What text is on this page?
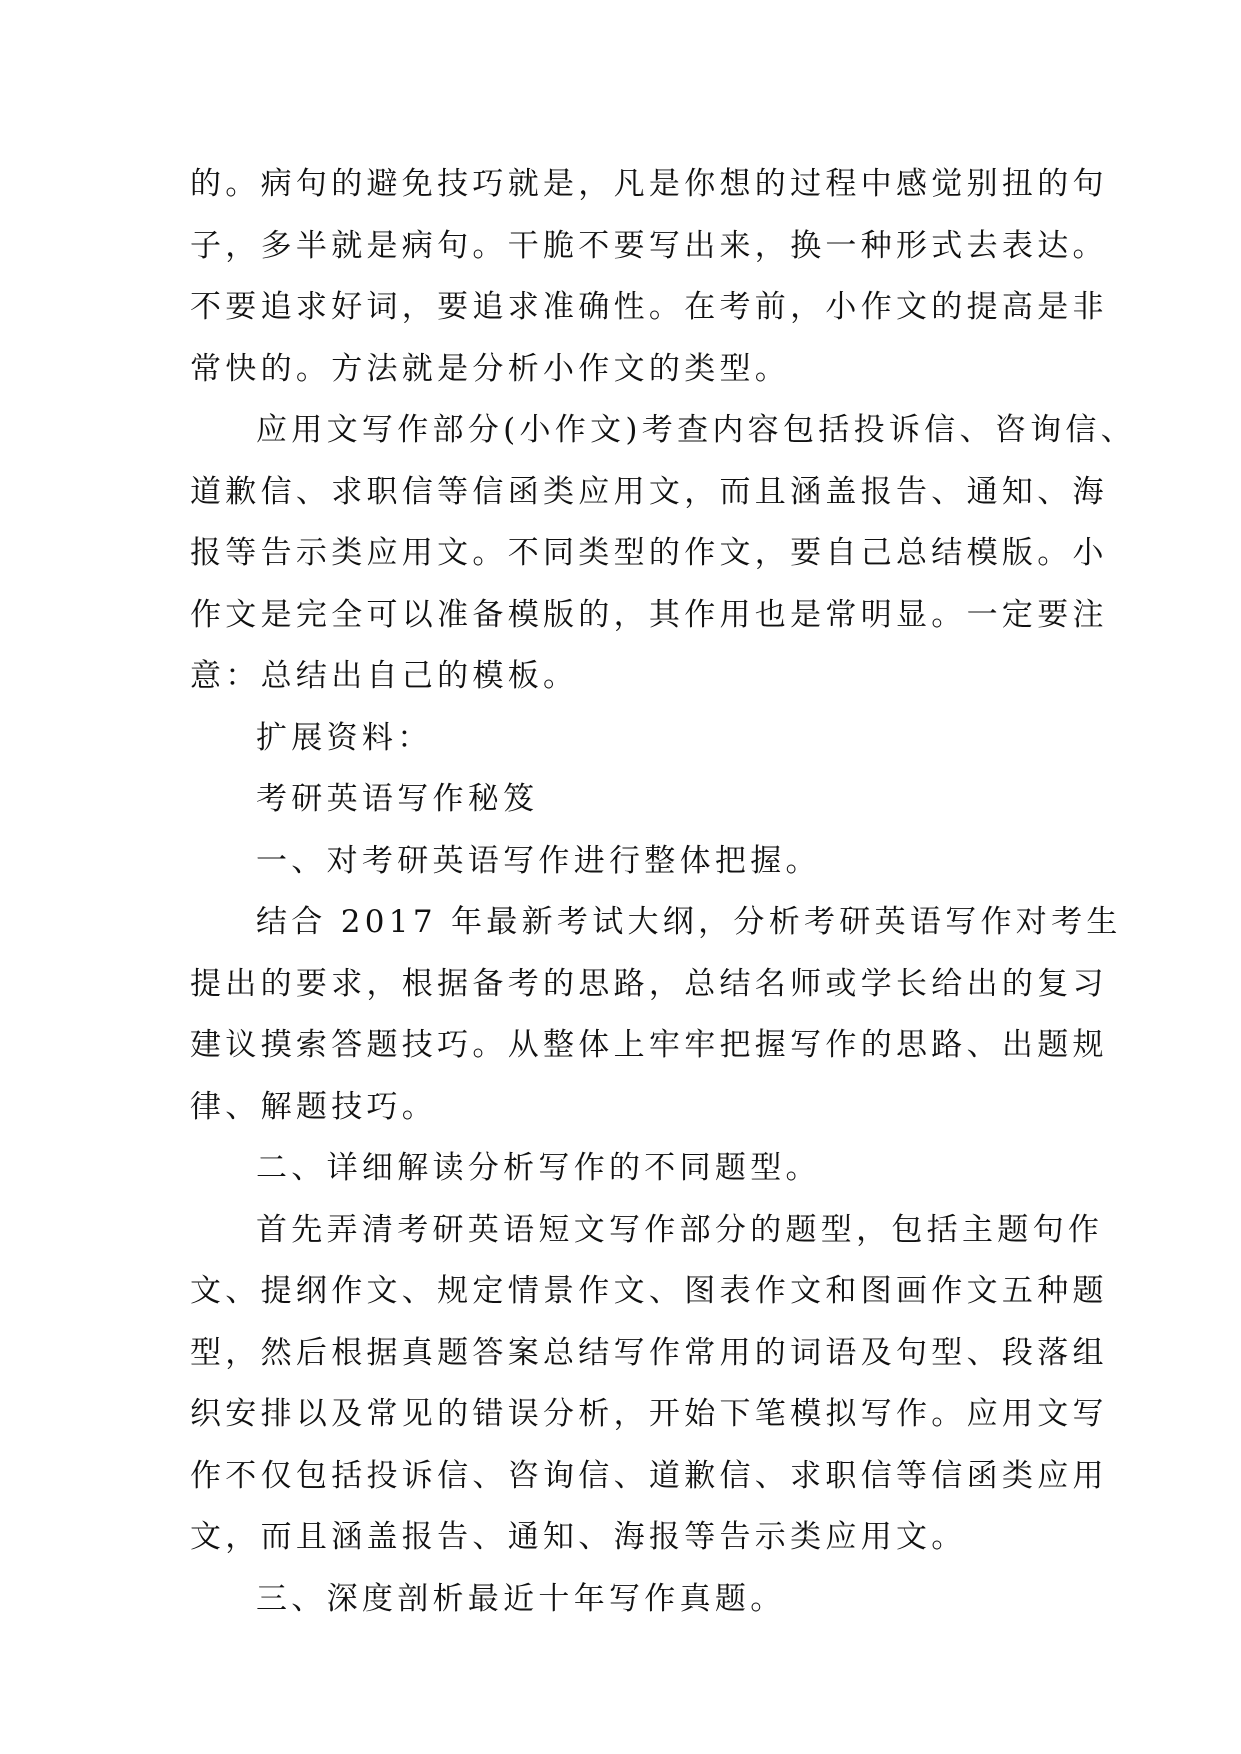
的。病句的避免技巧就是，凡是你想的过程中感觉别扭的句
子，多半就是病句。干脆不要写出来，换一种形式去表达。
不要追求好词，要追求准确性。在考前，小作文的提高是非
常快的。方法就是分析小作文的类型。
应用文写作部分(小作文)考查内容包括投诉信、咨询信、
道歉信、求职信等信函类应用文，而且涵盖报告、通知、海
报等告示类应用文。不同类型的作文，要自己总结模版。小
作文是完全可以准备模版的，其作用也是常明显。一定要注
意：总结出自己的模板。
扩展资料：
考研英语写作秘笈
一、对考研英语写作进行整体把握。
结合 2017 年最新考试大纲，分析考研英语写作对考生
提出的要求，根据备考的思路，总结名师或学长给出的复习
建议摸索答题技巧。从整体上牢牢把握写作的思路、出题规
律、解题技巧。
二、详细解读分析写作的不同题型。
首先弄清考研英语短文写作部分的题型，包括主题句作
文、提纲作文、规定情景作文、图表作文和图画作文五种题
型，然后根据真题答案总结写作常用的词语及句型、段落组
织安排以及常见的错误分析，开始下笔模拟写作。应用文写
作不仅包括投诉信、咨询信、道歉信、求职信等信函类应用
文，而且涵盖报告、通知、海报等告示类应用文。
三、深度剖析最近十年写作真题。
